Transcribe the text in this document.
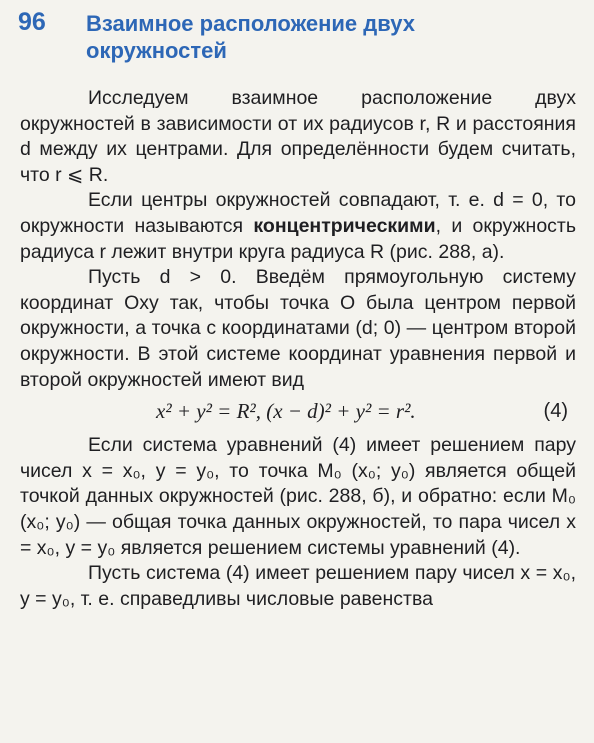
96 Взаимное расположение двух окружностей

Исследуем взаимное расположение двух окружностей в зависимости от их радиусов r, R и расстояния d между их центрами. Для определённости будем считать, что r ⩽ R.

Если центры окружностей совпадают, т. е. d = 0, то окружности называются концентрическими, и окружность радиуса r лежит внутри круга радиуса R (рис. 288, а).

Пусть d > 0. Введём прямоугольную систему координат Oxy так, чтобы точка O была центром первой окружности, а точка с координатами (d; 0) — центром второй окружности. В этой системе координат уравнения первой и второй окружностей имеют вид

x² + y² = R², (x − d)² + y² = r².	(4)

Если система уравнений (4) имеет решением пару чисел x = x₀, y = y₀, то точка M₀ (x₀; y₀) является общей точкой данных окружностей (рис. 288, б), и обратно: если M₀ (x₀; y₀) — общая точка данных окружностей, то пара чисел x = x₀, y = y₀ является решением системы уравнений (4).

Пусть система (4) имеет решением пару чисел x = x₀, y = y₀, т. е. справедливы числовые равенства
